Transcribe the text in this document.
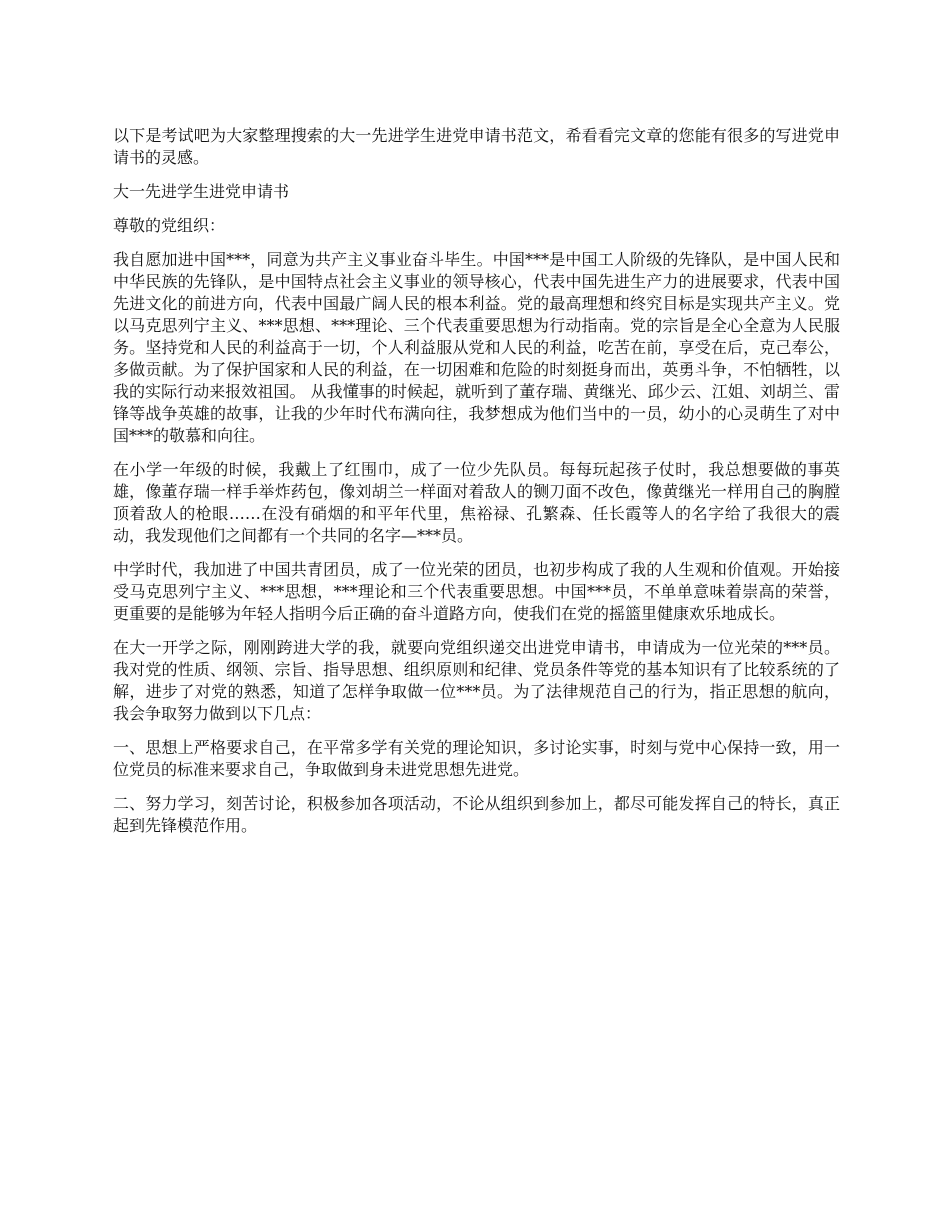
以下是考试吧为大家整理搜索的大一先进学生进党申请书范文，希看看完文章的您能有很多的写进党申请书的灵感。

大一先进学生进党申请书

尊敬的党组织：

我自愿加进中国***，同意为共产主义事业奋斗毕生。中国***是中国工人阶级的先锋队，是中国人民和中华民族的先锋队，是中国特点社会主义事业的领导核心，代表中国先进生产力的进展要求，代表中国先进文化的前进方向，代表中国最广阔人民的根本利益。党的最高理想和终究目标是实现共产主义。党以马克思列宁主义、***思想、***理论、三个代表重要思想为行动指南。党的宗旨是全心全意为人民服务。坚持党和人民的利益高于一切，个人利益服从党和人民的利益，吃苦在前，享受在后，克己奉公，多做贡献。为了保护国家和人民的利益，在一切困难和危险的时刻挺身而出，英勇斗争，不怕牺牲，以我的实际行动来报效祖国。 从我懂事的时候起，就听到了董存瑞、黄继光、邱少云、江姐、刘胡兰、雷锋等战争英雄的故事，让我的少年时代布满向往，我梦想成为他们当中的一员，幼小的心灵萌生了对中国***的敬慕和向往。

在小学一年级的时候，我戴上了红围巾，成了一位少先队员。每每玩起孩子仗时，我总想要做的事英雄，像董存瑞一样手举炸药包，像刘胡兰一样面对着敌人的铡刀面不改色，像黄继光一样用自己的胸膛顶着敌人的枪眼……在没有硝烟的和平年代里，焦裕禄、孔繁森、任长霞等人的名字给了我很大的震动，我发现他们之间都有一个共同的名字—***员。

中学时代，我加进了中国共青团员，成了一位光荣的团员，也初步构成了我的人生观和价值观。开始接受马克思列宁主义、***思想，***理论和三个代表重要思想。中国***员，不单单意味着崇高的荣誉，更重要的是能够为年轻人指明今后正确的奋斗道路方向，使我们在党的摇篮里健康欢乐地成长。

在大一开学之际，刚刚跨进大学的我，就要向党组织递交出进党申请书，申请成为一位光荣的***员。我对党的性质、纲领、宗旨、指导思想、组织原则和纪律、党员条件等党的基本知识有了比较系统的了解，进步了对党的熟悉，知道了怎样争取做一位***员。为了法律规范自己的行为，指正思想的航向，我会争取努力做到以下几点：

一、思想上严格要求自己，在平常多学有关党的理论知识，多讨论实事，时刻与党中心保持一致，用一位党员的标准来要求自己，争取做到身未进党思想先进党。

二、努力学习，刻苦讨论，积极参加各项活动，不论从组织到参加上，都尽可能发挥自己的特长，真正起到先锋模范作用。
